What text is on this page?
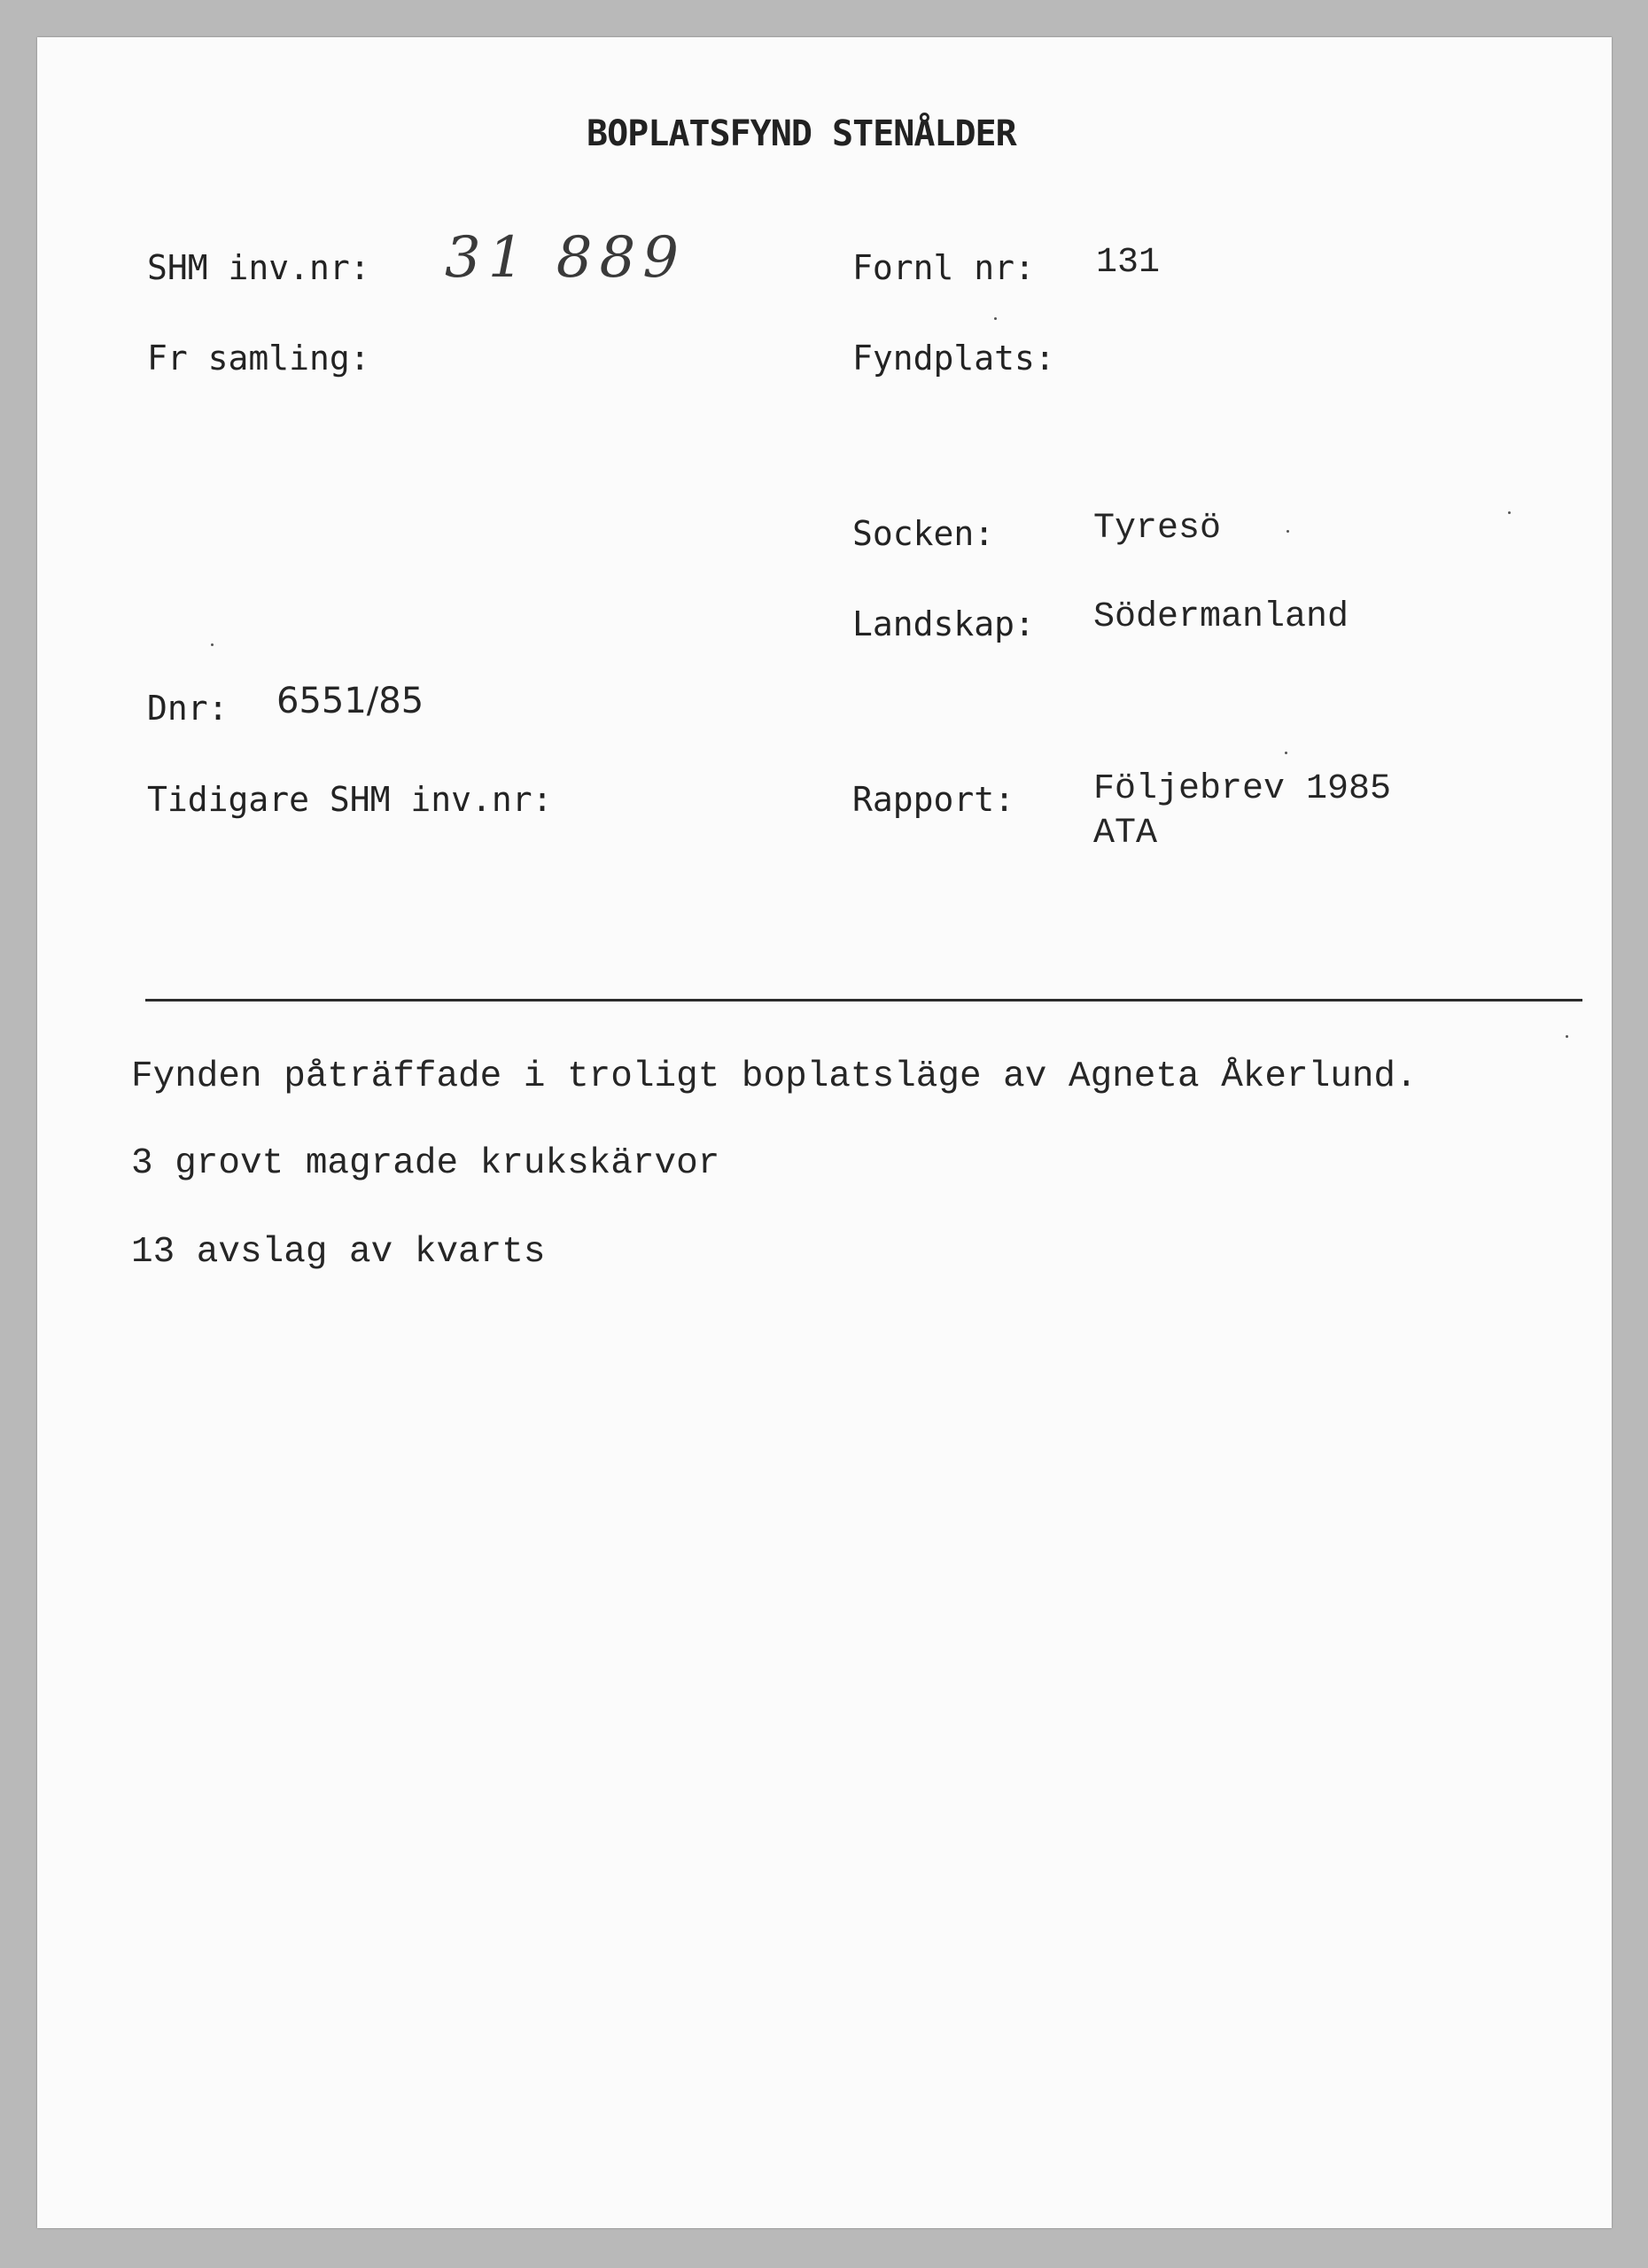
BOPLATSFYND STENÅLDER
SHM inv.nr: 31 889	Fornl nr: 131
Fr samling:	Fyndplats:
Socken:	Tyresö
Landskap: Södermanland
Dnr: 6551/85
Tidigare SHM inv.nr:	Rapport: Följebrev 1985
ATA
Fynden påträffade i troligt boplatsläge av Agneta Åkerlund.
3 grovt magrade krukskärvor
13 avslag av kvarts
